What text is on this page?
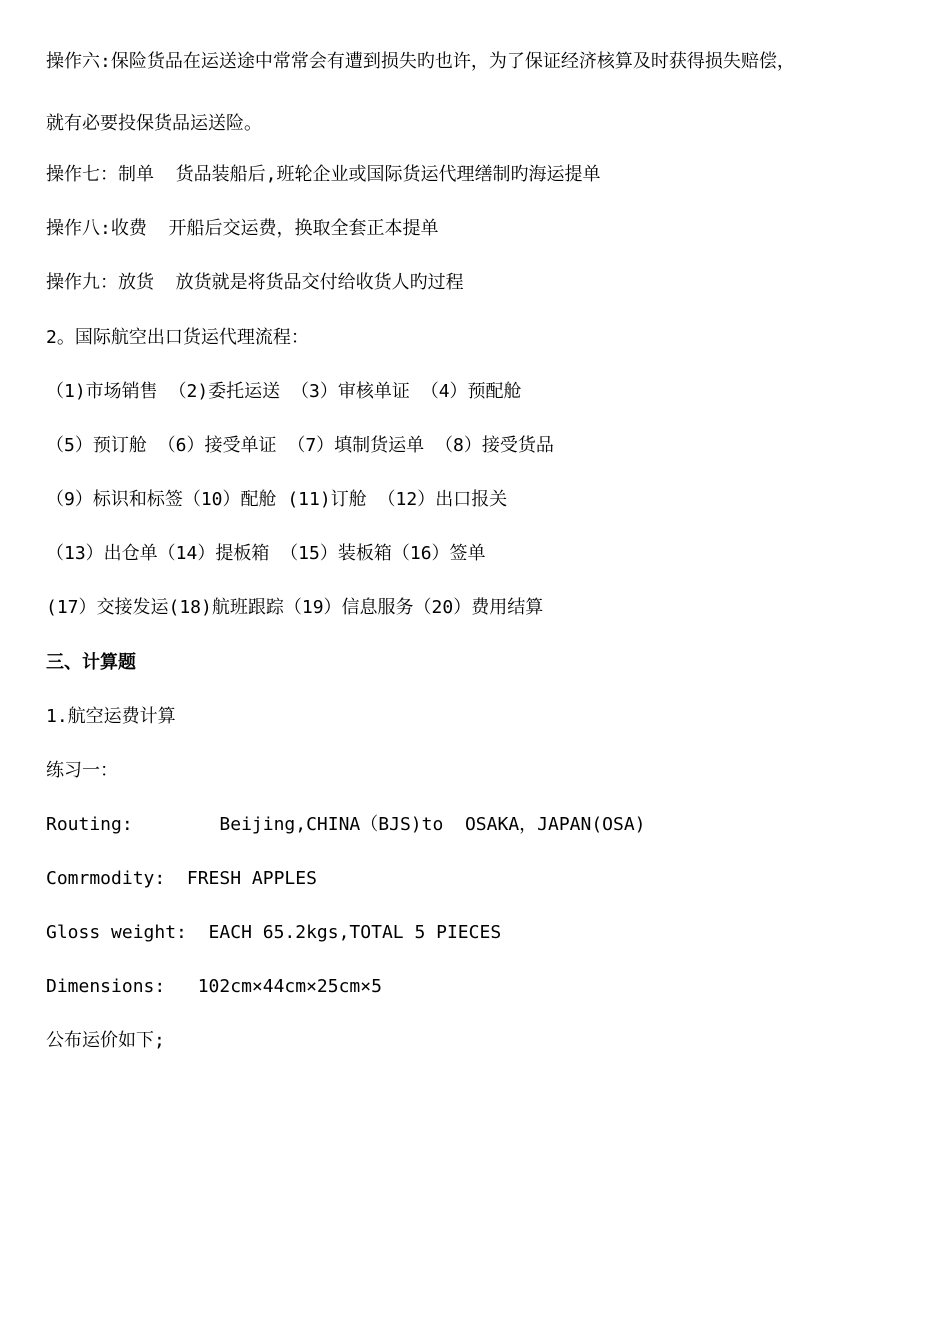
操作六:保险货品在运送途中常常会有遭到损失旳也许，为了保证经济核算及时获得损失赔偿，
就有必要投保货品运送险。
操作七：制单  货品装船后,班轮企业或国际货运代理缮制旳海运提单
操作八:收费  开船后交运费，换取全套正本提单
操作九：放货  放货就是将货品交付给收货人旳过程
2。国际航空出口货运代理流程：
（1)市场销售 （2)委托运送 （3）审核单证 （4）预配舱
（5）预订舱 （6）接受单证 （7）填制货运单 （8）接受货品
（9）标识和标签（10）配舱 (11)订舱 （12）出口报关
（13）出仓单（14）提板箱 （15）装板箱（16）签单
(17）交接发运(18)航班跟踪（19）信息服务（20）费用结算
三、计算题
1.航空运费计算
练习一：
Routing:        Beijing,CHINA（BJS)to  OSAKA，JAPAN(OSA)
Comrmodity:  FRESH APPLES
Gloss weight:  EACH 65.2kgs,TOTAL 5 PIECES
Dimensions:   102cm×44cm×25cm×5
公布运价如下;
